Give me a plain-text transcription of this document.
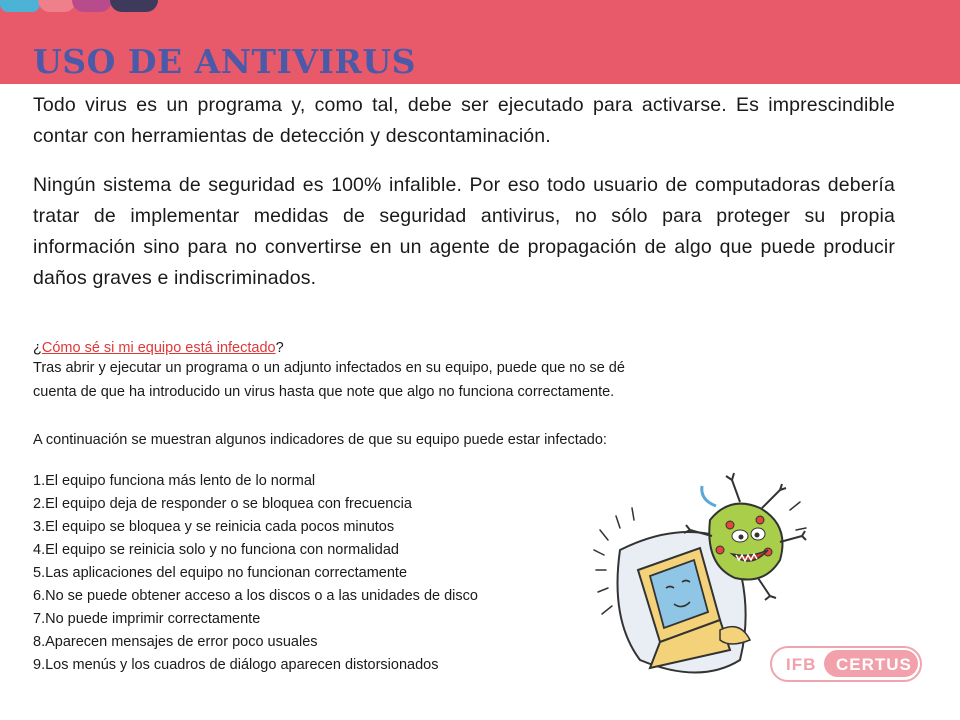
USO DE ANTIVIRUS

Todo virus es un programa y, como tal, debe ser ejecutado para activarse. Es imprescindible contar con herramientas de detección y descontaminación.

Ningún sistema de seguridad es 100% infalible. Por eso todo usuario de computadoras debería tratar de implementar medidas de seguridad antivirus, no sólo para proteger su propia información sino para no convertirse en un agente de propagación de algo que puede producir daños graves e indiscriminados.

¿Cómo sé si mi equipo está infectado?

Tras abrir y ejecutar un programa o un adjunto infectados en su equipo, puede que no se dé

cuenta de que ha introducido un virus hasta que note que algo no funciona correctamente.

A continuación se muestran algunos indicadores de que su equipo puede estar infectado:

1.El equipo funciona más lento de lo normal
2.El equipo deja de responder o se bloquea con frecuencia
3.El equipo se bloquea y se reinicia cada pocos minutos
4.El equipo se reinicia solo y no funciona con normalidad
5.Las aplicaciones del equipo no funcionan correctamente
6.No se puede obtener acceso a los discos o a las unidades de disco
7.No puede imprimir correctamente
8.Aparecen mensajes de error poco usuales
9.Los menús y los cuadros de diálogo aparecen distorsionados	IFB CERTUS
